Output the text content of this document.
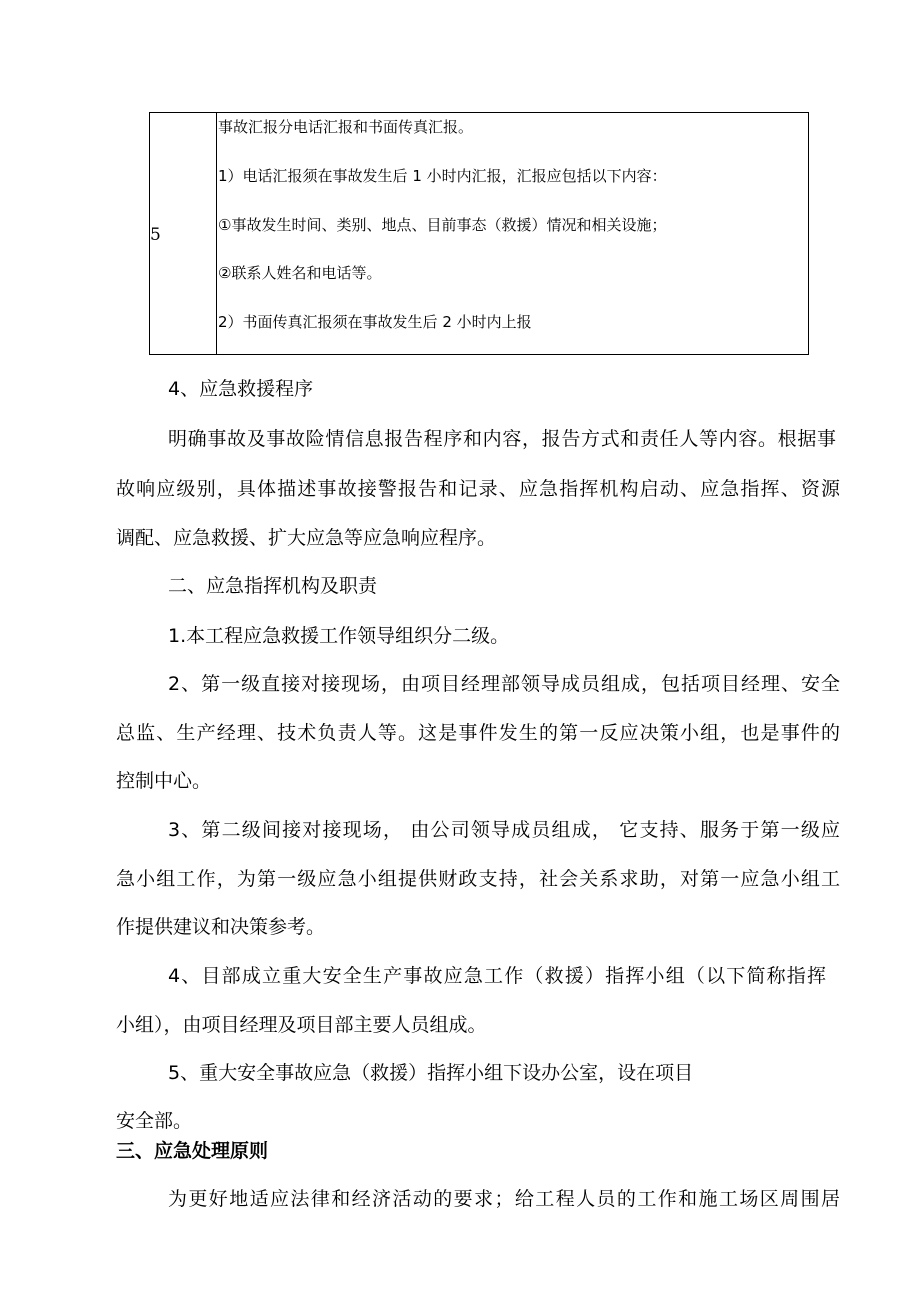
5
事故汇报分电话汇报和书面传真汇报。
1）电话汇报须在事故发生后 1 小时内汇报，汇报应包括以下内容：
①事故发生时间、类别、地点、目前事态（救援）情况和相关设施；
②联系人姓名和电话等。
2）书面传真汇报须在事故发生后 2 小时内上报
4、应急救援程序
明确事故及事故险情信息报告程序和内容，报告方式和责任人等内容。根据事
故响应级别，具体描述事故接警报告和记录、应急指挥机构启动、应急指挥、资源
调配、应急救援、扩大应急等应急响应程序。
二、应急指挥机构及职责
1.本工程应急救援工作领导组织分二级。
2、第一级直接对接现场，由项目经理部领导成员组成，包括项目经理、安全
总监、生产经理、技术负责人等。这是事件发生的第一反应决策小组，也是事件的
控制中心。
3、第二级间接对接现场， 由公司领导成员组成， 它支持、服务于第一级应
急小组工作，为第一级应急小组提供财政支持，社会关系求助，对第一应急小组工
作提供建议和决策参考。
4、目部成立重大安全生产事故应急工作（救援）指挥小组（以下简称指挥
小组），由项目经理及项目部主要人员组成。
5、重大安全事故应急（救援）指挥小组下设办公室，设在项目
安全部。
三、应急处理原则
为更好地适应法律和经济活动的要求；给工程人员的工作和施工场区周围居
